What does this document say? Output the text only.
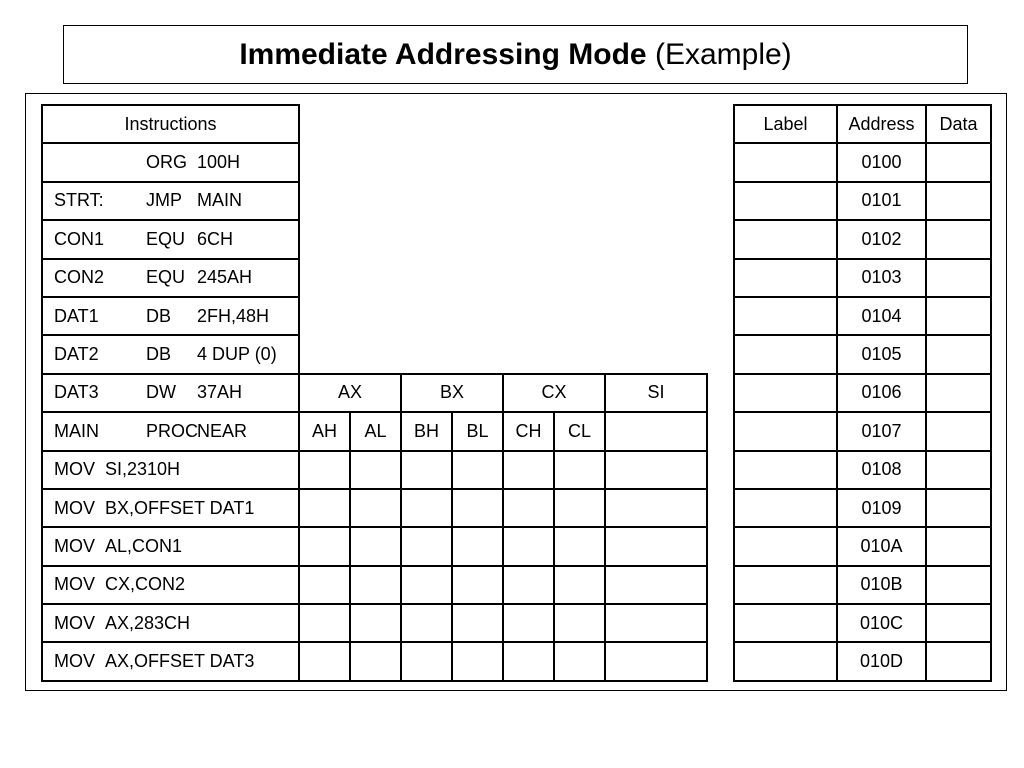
Immediate Addressing Mode
(Example)
Instructions							
ORG 100H							
STRT: JMP MAIN							
CON1 EQU 6CH							
CON2 EQU 245AH							
DAT1 DB 2FH,48H							
DAT2 DB 4 DUP (0)							
DAT3 DW 37AH	AX		BX		CX		SI
MAIN PROCNEAR	AH	AL	BH	BL	CH	CL	
MOV SI,2310H							
MOV BX,OFFSET DAT1							
MOV AL,CON1							
MOV CX,CON2							
MOV AX,283CH							
MOV AX,OFFSET DAT3							
Label	Address	Data
	0100	
	0101	
	0102	
	0103	
	0104	
	0105	
	0106	
	0107	
	0108	
	0109	
	010A	
	010B	
	010C	
	010D	
